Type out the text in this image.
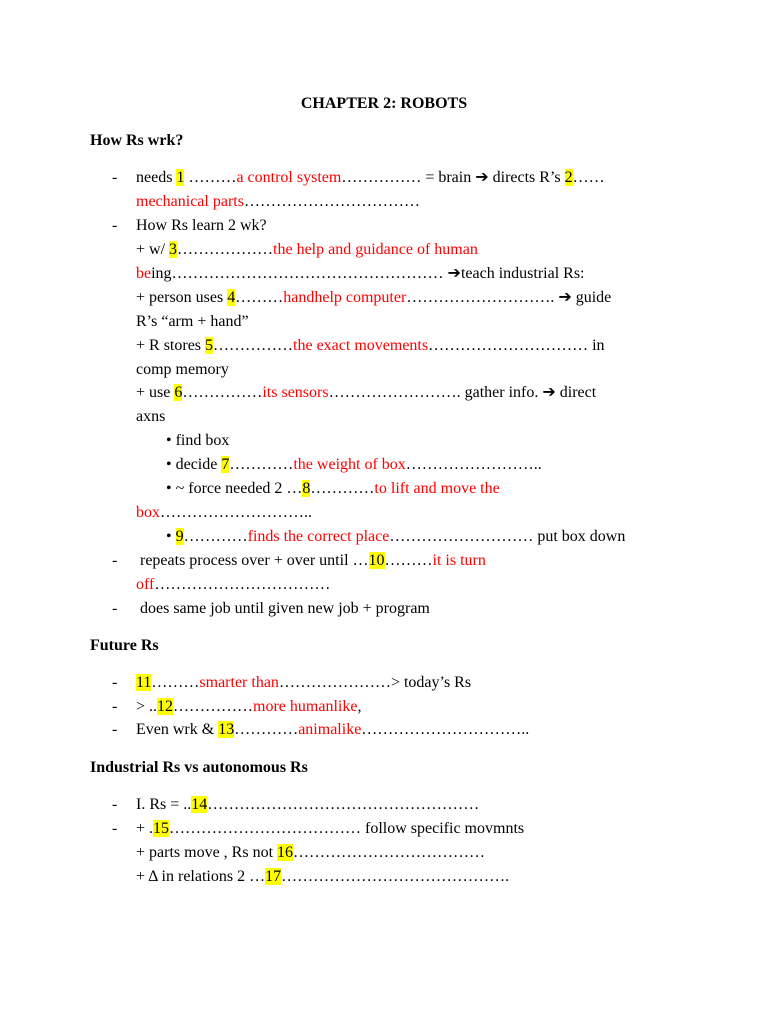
CHAPTER 2: ROBOTS
How Rs wrk?
- needs 1 ………a control system…………… = brain ➔ directs R’s 2……
mechanical parts……………………………
- How Rs learn 2 wk?
+ w/ 3………………the help and guidance of human
being…………………………………………… ➔teach industrial Rs:
+ person uses 4………handhelp computer………………………. ➔ guide
R’s “arm + hand”
+ R stores 5……………the exact movements………………………… in
comp memory
+ use 6……………its sensors……………………. gather info. ➔ direct
axns
• find box
• decide 7…………the weight of box……………………..
• ~ force needed 2 …8…………to lift and move the
box………………………..
• 9…………finds the correct place……………………… put box down
- repeats process over + over until …10………it is turn
off……………………………
- does same job until given new job + program
Future Rs
- 11………smarter than…………………> today’s Rs
- > ..12……………more humanlike,
- Even wrk & 13…………animalike…………………………..
Industrial Rs vs autonomous Rs
- I. Rs = ..14……………………………………………
- + .15……………………………… follow specific movmnts
+ parts move , Rs not 16………………………………
+ Δ in relations 2 …17…………………………………….
